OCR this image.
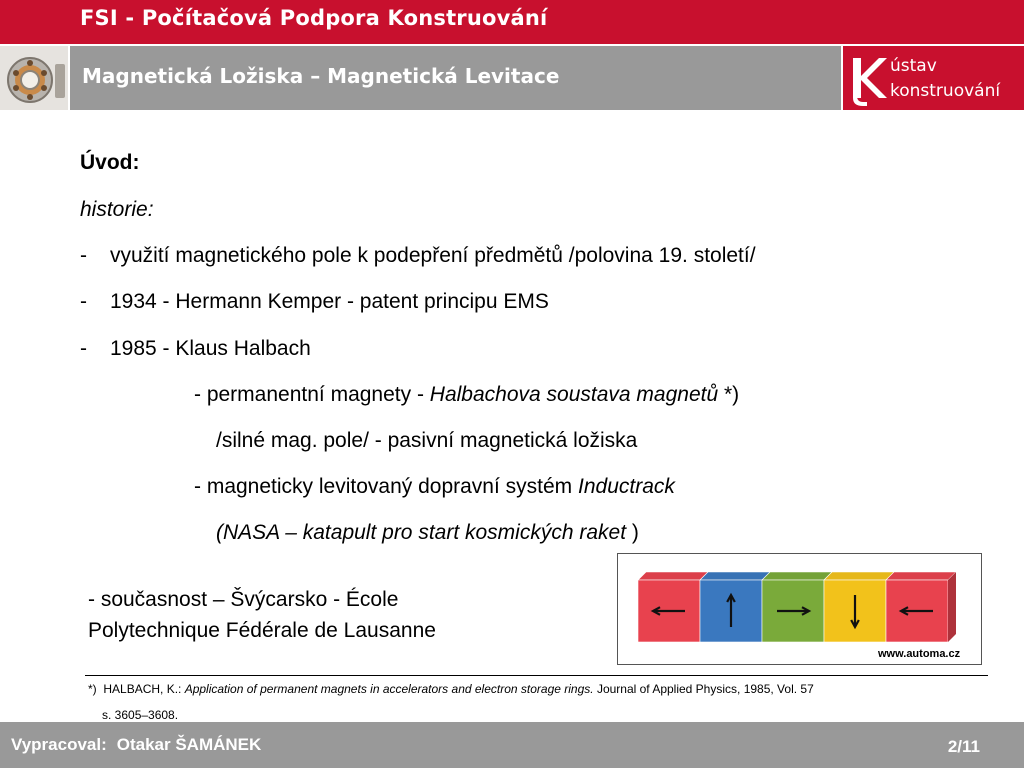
FSI - Počítačová Podpora Konstruování
Magnetická Ložiska – Magnetická Levitace	ústav
konstruování
Úvod:
historie:
- využití magnetického pole k podepření předmětů /polovina 19. století/
- 1934 - Hermann Kemper - patent principu EMS
- 1985 - Klaus Halbach
- permanentní magnety - Halbachova soustava magnetů *)
/silné mag. pole/ - pasivní magnetická ložiska
- magneticky levitovaný dopravní systém Inductrack
(NASA – katapult pro start kosmických raket )
- současnost – Švýcarsko - École
Polytechnique Fédérale de Lausanne
www.automa.cz
*) HALBACH, K.: Application of permanent magnets in accelerators and electron storage rings. Journal of Applied Physics, 1985, Vol. 57
s. 3605–3608.
Vypracoval: Otakar ŠAMÁNEK	2/11
